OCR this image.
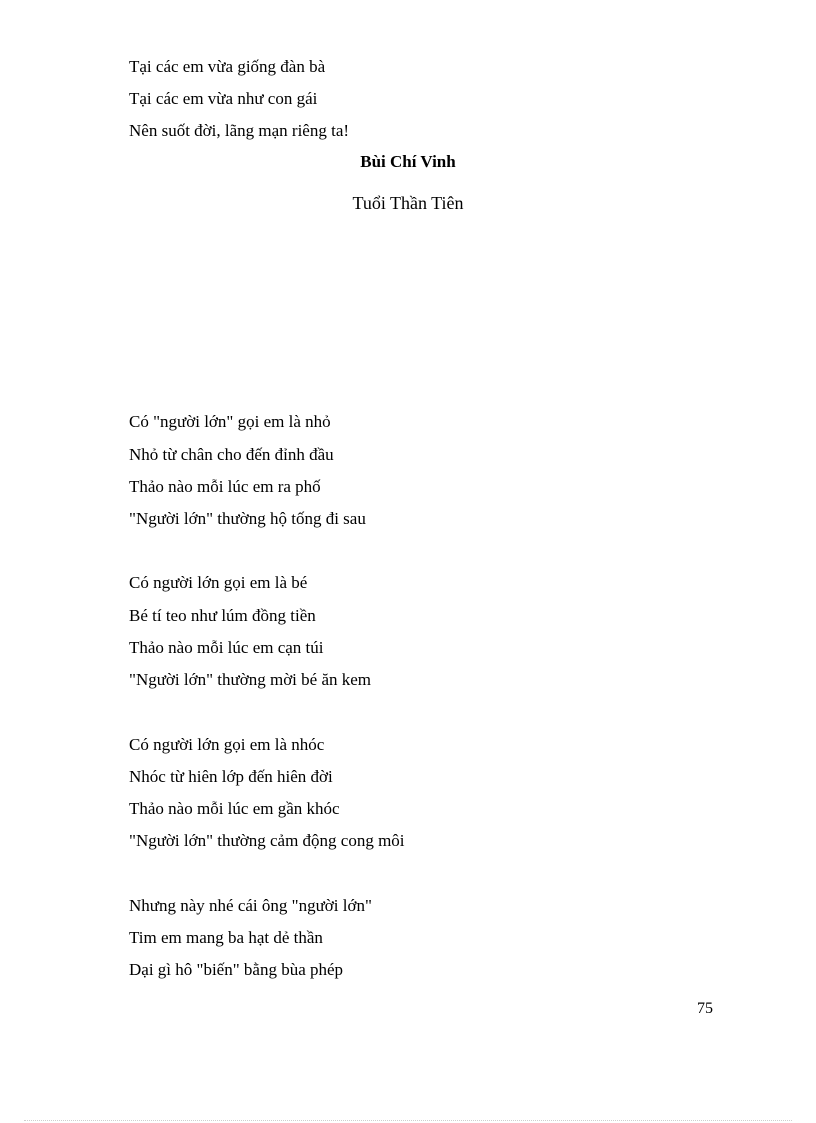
Tại các em vừa giống đàn bà
Tại các em vừa như con gái
Nên suốt đời, lãng mạn riêng ta!
Bùi Chí Vinh
Tuổi Thần Tiên
Có "người lớn" gọi em là nhỏ
Nhỏ từ chân cho đến đỉnh đầu
Thảo nào mỗi lúc em ra phố
"Người lớn" thường hộ tống đi sau
Có người lớn gọi em là bé
Bé tí teo như lúm đồng tiền
Thảo nào mỗi lúc em cạn túi
"Người lớn" thường mời bé ăn kem
Có người lớn gọi em là nhóc
Nhóc từ hiên lớp đến hiên đời
Thảo nào mỗi lúc em gần khóc
"Người lớn" thường cảm động cong môi
Nhưng này nhé cái ông "người lớn"
Tim em mang ba hạt dẻ thần
Dại gì hô "biến" bằng bùa phép
75
